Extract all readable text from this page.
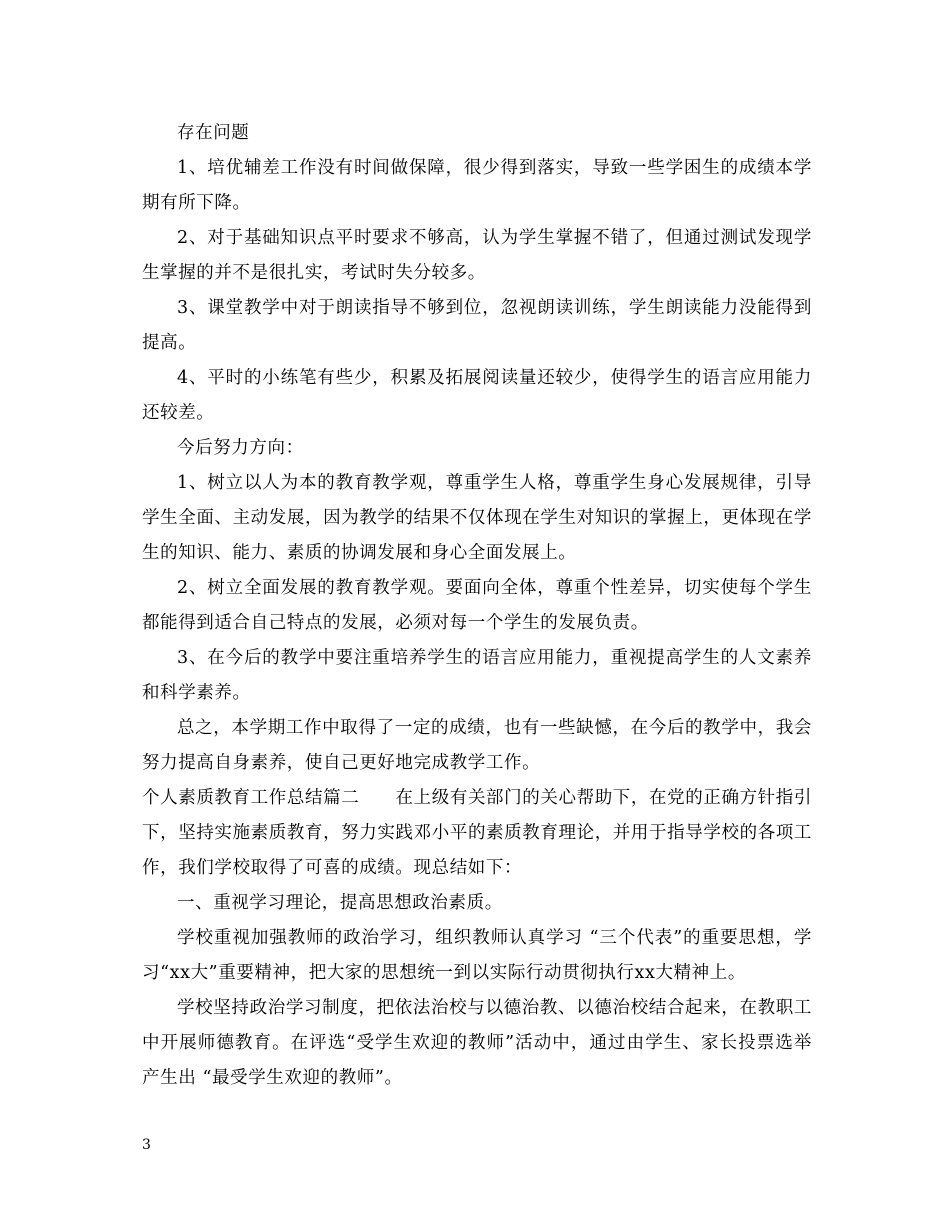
存在问题

1、培优辅差工作没有时间做保障，很少得到落实，导致一些学困生的成绩本学期有所下降。

2、对于基础知识点平时要求不够高，认为学生掌握不错了，但通过测试发现学生掌握的并不是很扎实，考试时失分较多。

3、课堂教学中对于朗读指导不够到位，忽视朗读训练，学生朗读能力没能得到提高。

4、平时的小练笔有些少，积累及拓展阅读量还较少，使得学生的语言应用能力还较差。

今后努力方向：

1、树立以人为本的教育教学观，尊重学生人格，尊重学生身心发展规律，引导学生全面、主动发展，因为教学的结果不仅体现在学生对知识的掌握上，更体现在学生的知识、能力、素质的协调发展和身心全面发展上。

2、树立全面发展的教育教学观。要面向全体，尊重个性差异，切实使每个学生都能得到适合自己特点的发展，必须对每一个学生的发展负责。

3、在今后的教学中要注重培养学生的语言应用能力，重视提高学生的人文素养和科学素养。

总之，本学期工作中取得了一定的成绩，也有一些缺憾，在今后的教学中，我会努力提高自身素养，使自己更好地完成教学工作。

个人素质教育工作总结篇二　　在上级有关部门的关心帮助下，在党的正确方针指引下，坚持实施素质教育，努力实践邓小平的素质教育理论，并用于指导学校的各项工作，我们学校取得了可喜的成绩。现总结如下：

一、重视学习理论，提高思想政治素质。

学校重视加强教师的政治学习，组织教师认真学习 “三个代表”的重要思想，学习“xx大”重要精神，把大家的思想统一到以实际行动贯彻执行xx大精神上。

学校坚持政治学习制度，把依法治校与以德治教、以德治校结合起来，在教职工中开展师德教育。在评选“受学生欢迎的教师”活动中，通过由学生、家长投票选举产生出 “最受学生欢迎的教师”。

3
